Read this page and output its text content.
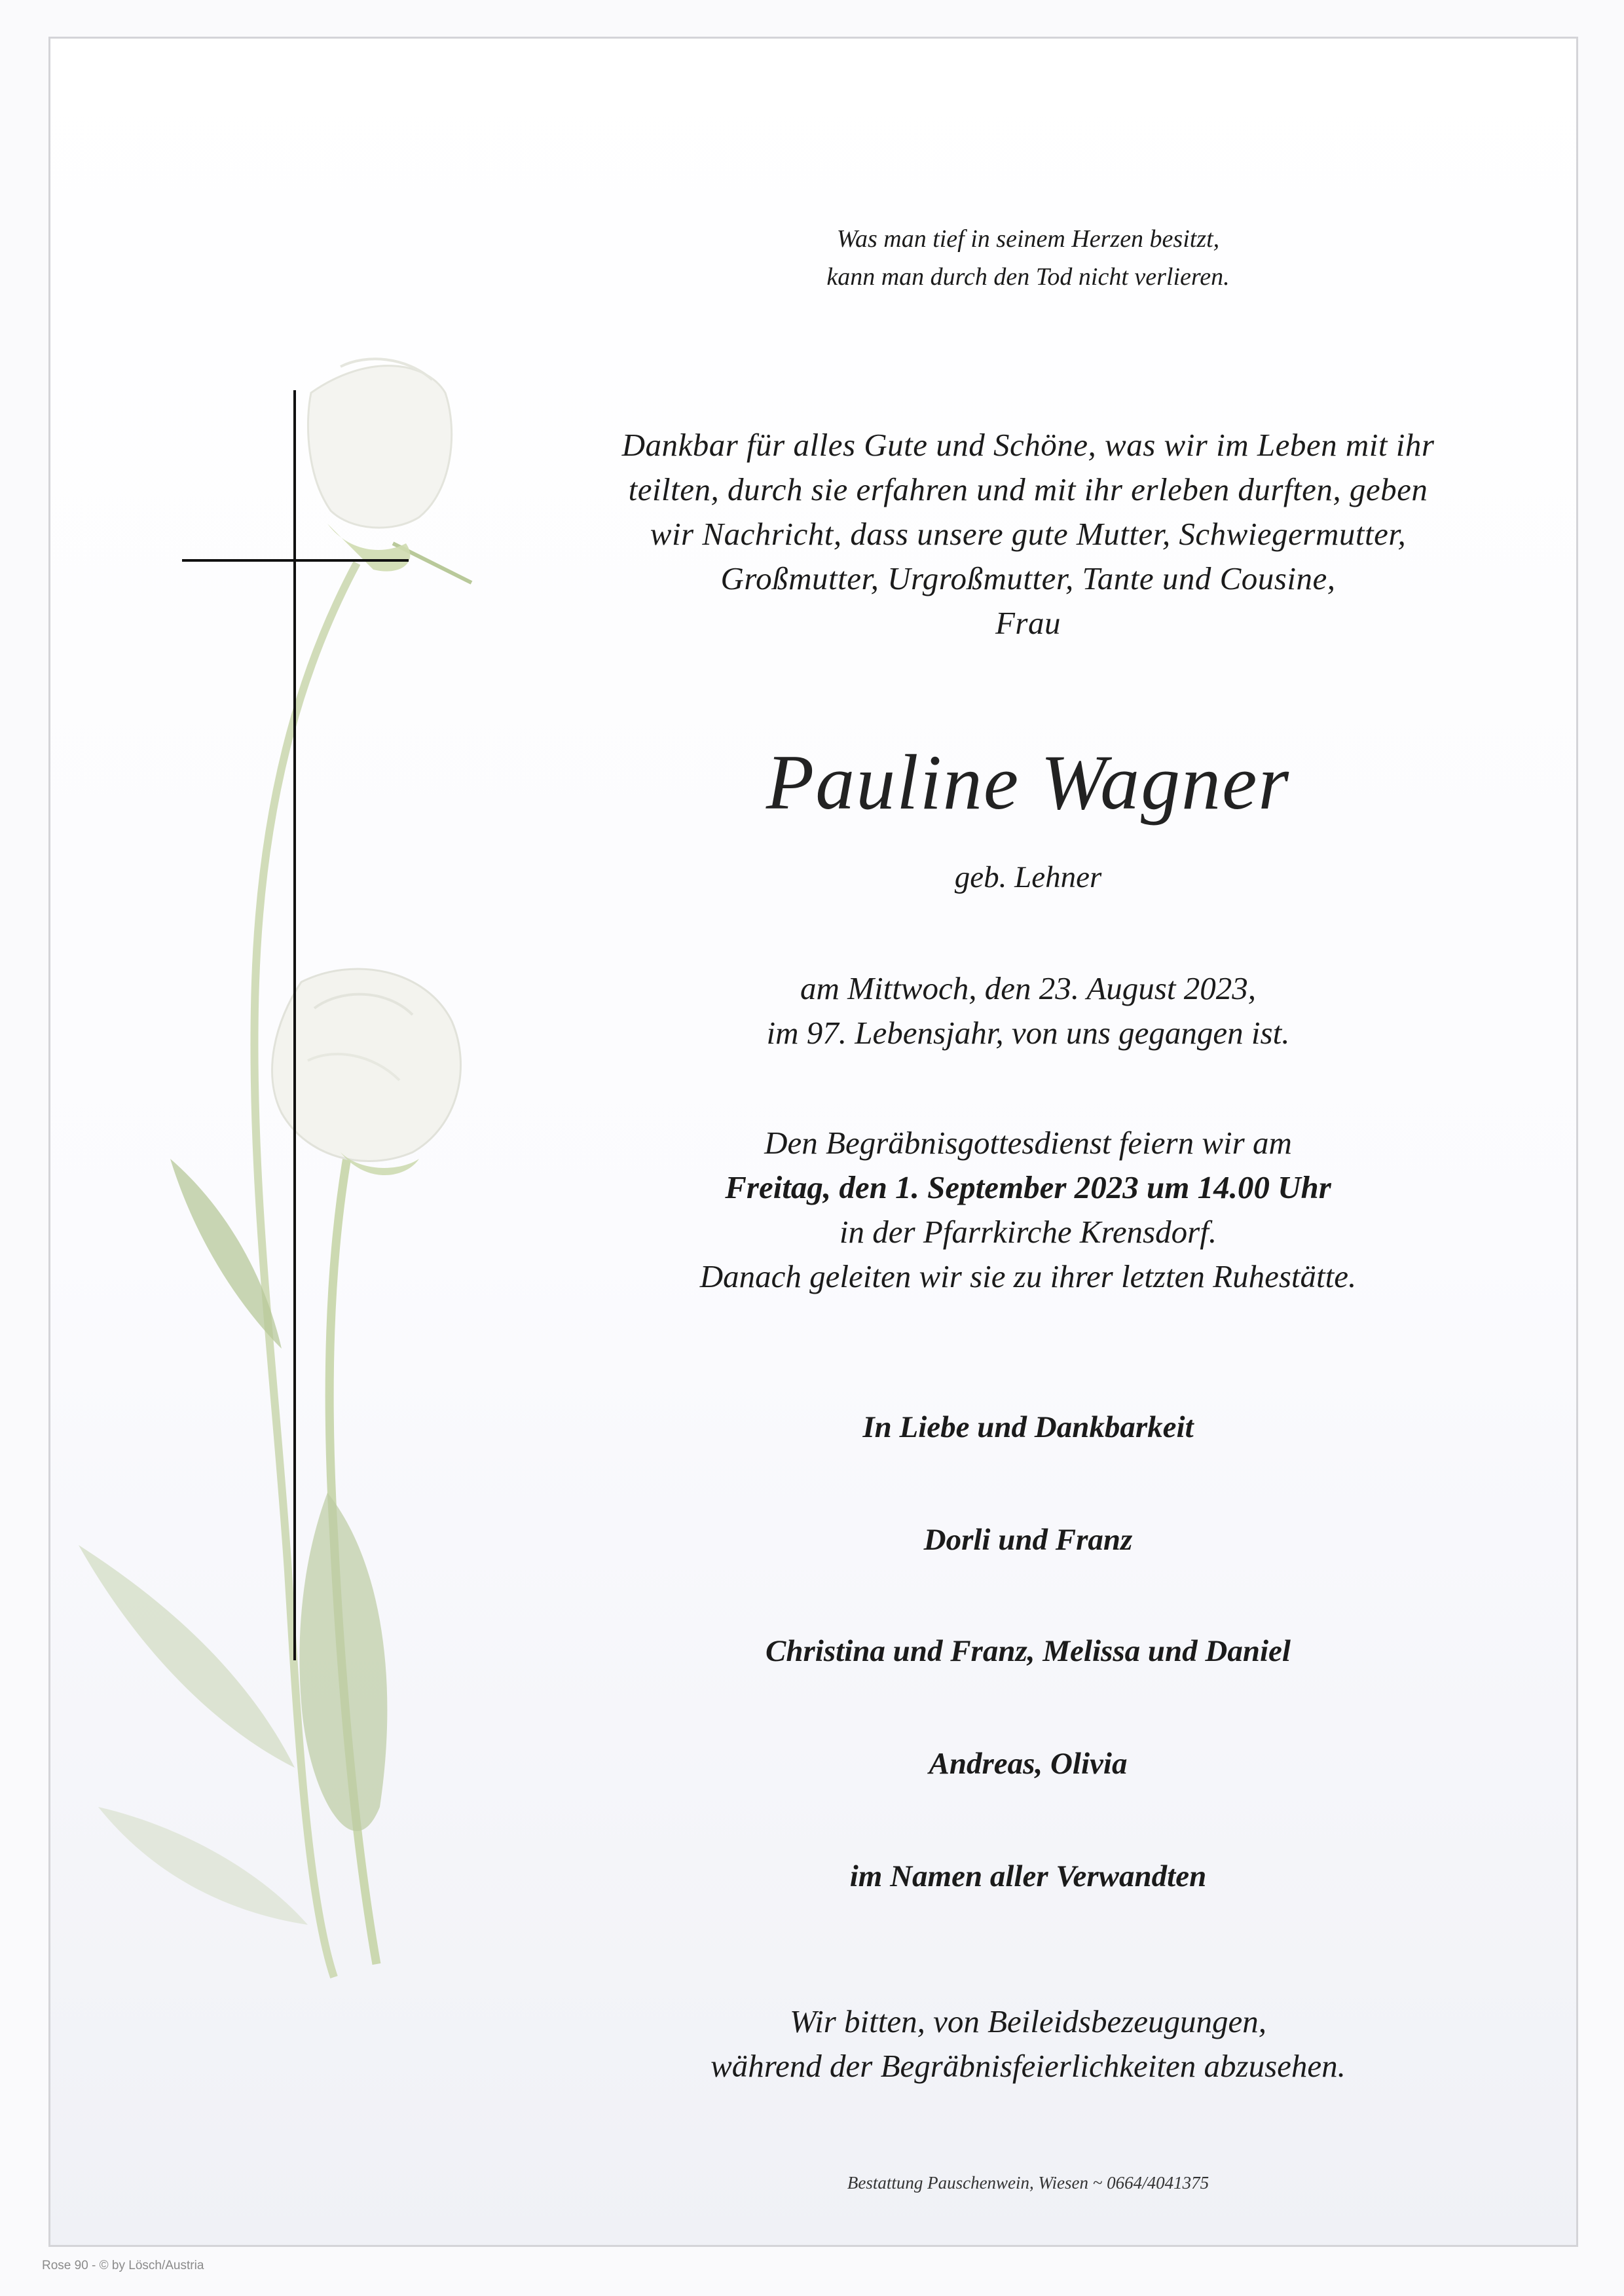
Was man tief in seinem Herzen besitzt,
kann man durch den Tod nicht verlieren.
Dankbar für alles Gute und Schöne, was wir im Leben mit ihr
teilten, durch sie erfahren und mit ihr erleben durften, geben
wir Nachricht, dass unsere gute Mutter, Schwiegermutter,
Großmutter, Urgroßmutter, Tante und Cousine,
Frau
Pauline Wagner
geb. Lehner
am Mittwoch, den 23. August 2023,
im 97. Lebensjahr, von uns gegangen ist.
Den Begräbnisgottesdienst feiern wir am
Freitag, den 1. September 2023 um 14.00 Uhr
in der Pfarrkirche Krensdorf.
Danach geleiten wir sie zu ihrer letzten Ruhestätte.
In Liebe und Dankbarkeit
Dorli und Franz
Christina und Franz, Melissa und Daniel
Andreas, Olivia
im Namen aller Verwandten
Wir bitten, von Beileidsbezeugungen,
während der Begräbnisfeierlichkeiten abzusehen.
Bestattung Pauschenwein, Wiesen ~ 0664/4041375
Rose 90 - © by Lösch/Austria
